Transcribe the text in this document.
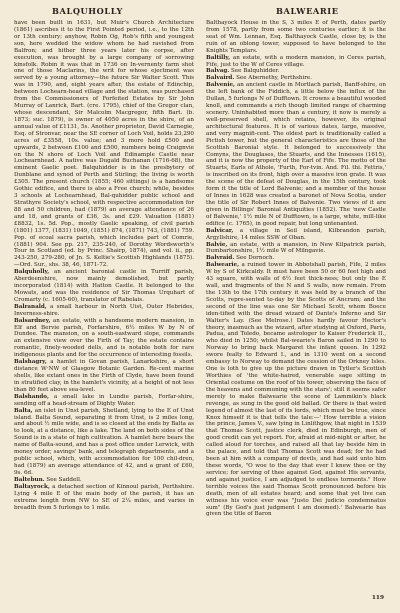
BALQUHOLLY	BALWEARIE

have been built in 1631, but Muir's Church Architecture (1861) ascribes it to the First Pointed period, i.e., to the 12th or 13th century; anyhow, Robin Og, Rob's fifth and youngest son, here wedded the widow whom he had ravished from Balfron; and hither three years later his corpse, after execution, was brought by a large company of sorrowing kinsfolk. Robin it was that in 1736 on In-vernenty farm shot one of those Maclarins, the writ for whose ejectment was served by a young attorney—the future Sir Walter Scott. This was in 1790, and, eight years after, the estate of Edinchip, between Lochearn-head village and the station, was purchased from the Commissioners of Forfeited Estates by Sir John Murray of Lanrick, Bart. (cre. 1795), chief of the Gregor clan, whose descendant, Sir Malcolm Macgregor, fifth Bart. (b. 1873; suc. 1879), is owner of 4050 acres in the shire, of an annual value of £1131, 5s. Another proprietor, David Carnegie, Esq. of Stronvar, near the SE corner of Loch Voil, holds 23,290 acres of £3558, 10s. value; and 3 more hold £500 and upwards, 2 between £100 and £500, numbers being Craignvie on the N shore of Loch Voil and Edinample Castle near Lochearnhead. A native was Dugald Buchanan (1716-68), the eminent Gaelic poet. Balquhidder is in the presbytery of Dunblane and synod of Perth and Stirling; the living is worth £305. The present church (1855; 460 sittings) is a handsome Gothic edifice, and there is also a Free church; while, besides 3 schools at Lochearnhead, Bal-quhidder public school and Strathyre Society's school, with respective accommodation for 88 and 50 children, had (1879) an average attendance of 26 and 18, and grants of £36, 3s. and £29. Valuation (1881) £8832, 1s. 5d. Pop., mostly Gaelic speaking, of civil parish (1801) 1377, (1831) 1049, (1851) 874, (1871) 743, (1881) 759. Pop. of ecoal sacra parish, which includes part of Comrie, (1881) 904. See pp. 217, 235-240, of Dorothy Wordsworth's Tour in Scotland (ed. by Princ. Shairp, 1874), and vol. ii., pp. 243-250, 279-280, of Jn. S. Keltie's Scottish Highlands (1875).—Ord. Sur., shs. 38, 46, 1871-72.

Balquholly, an ancient baronial castle in Turriff parish, Aberdeenshire, now mainly demolished, but partly incorporated (1814) with Hatton Castle. It belonged to the Mowats, and was the residence of Sir Thomas Urquhart of Cromarty (c. 1605-60), translator of Rabelais.

Balranald, a small harbour in North Uist, Outer Hebrides, Inverness-shire.

Balsardney, an estate, with a handsome modern mansion, in Elf and Bervie parish, Forfarshire, 6½ miles W by N of Dundee. The mansion, on a south-eastward slope, commands an extensive view over the Firth of Tay; the estate contains romantic, finely-wooded dells, and is notable both for rare indigenous plants and for the occurrence of interesting fossils.

Balshagry, a hamlet in Govan parish, Lanarkshire, a short distance W·NW of Glasgow Botanic Garden. Re-cent marine shells, like extant ones in the Firth of Clyde, have been found in stratified clay, in the hamlet's vicinity, at a height of not less than 80 feet above sea-level.

Balshando, a small lake in Lundie parish, Forfar-shire, sending off a head-stream of Dighty Water.

Balta, an islet in Unst parish, Shetland, lying to the E of Unst island. Balta Sound, separating it from Unst, is 2 miles long, and about ½ mile wide, and is so closed at the ends by Balta as to look, at a distance, like a lake. The land on both sides of the Sound is in a state of high cultivation. A hamlet here bears the name of Balta-sound, and has a post office under Lerwick, with money order, savings' bank, and telegraph departments, and a public school, which, with accommodation for 100 chil-dren, had (1879) an average attendance of 42, and a grant of £60, 9s. 6d.

Baltebun. See Saddell.

Baltayrock, a detached section of Kinnoul parish, Perthshire. Lying 4 mile E of the main body of the parish, it has an extreme length from NW to SE of 2¼ miles, and varies in breadth from 5 furlongs to 1 mile.

Balthayock House in the S, 3 miles E of Perth, dates partly from 1578, partly from some two centuries earlier; it is the seat of Wm. Lennan, Esq. Balthayock Castle, close by, is the ruin of an oblong tower, supposed to have belonged to the Knights Templars.

Baltilly, an estate, with a modern mansion, in Ceres parish, Fife, just to the W of Ceres village.

Balvag. See Balquhidder.

Balvaird. See Abernethy, Perthshire.

Balvenie, an ancient castle in Mortlach parish, Banff-shire, on the left bank of the Fiddich, a little below the influx of the Dullan, 5 furlongs N of Dufftown. It crowns a beautiful wooded knoll, and commands a rich though limited range of charming scenery. Uninhabited more than a century, it now is merely a well-preserved shell, which retains, however, its original architectural features. It is of various dates, large, massive, and very magnifi-cent. The oldest part is traditionally called a Pictish tower, but the general characteristics are those of the Scottish Baronial style. It belonged to successively the Comyns, the Douglases, the Stuarts, and the Innesses (1615), and it is now the property of the Earl of Fife. The motto of the Stuarts, Earls of Athole, 'Furth, For-tvin. And. Fil. thi. Fettris,' is inscribed on its front, high over a massive iron grate. It was the scene of the defeat of Douglas, in the 15th century, took form it the title of Lord Balvenie; and a member of the house of Innes in 1628 was created a baronet of Nova Scotia, under the title of Sir Robert Innes of Balvenie. Two views of it are given in Billings' Baronial Antiquities (1852). The 'new Castle of Balvenie,' 1½ mile N of Dufftown, is a large, white, mill-like edifice (c. 1765), in good repair, but long untenanted.

Balvicar, a village in Seil island, Kilbrandon parish, Argyllshire, 14 miles SSW of Oban.

Balvie, an estate, with a mansion, in New Kilpatrick parish, Dumbartonshire, 1½ mile W of Milngavie.

Balvraid. See Dornoch.

Balwearie, a ruined tower in Abbotshall parish, Fife, 2 miles W by S of Kirkcaldy. It must have been 50 or 60 feet high and 43 square, with walls of 6½ feet thick-ness; but only the E wall, and fragments of the N and S walls, now remain. From the 13th to the 17th century it was held by a branch of the Scotts, repre-sented to-day by the Scotts of Ancrum; and the second of the line was one Sir Michael Scott, whom Boece iden-tified with the dread wizard of Dante's Inferno and Sir Walter's Lay. (See Melrose.) Dates hardly favour Hector's theory, inasmuch as the wizard, after studying at Oxford, Paris, Padua, and Toledo, became astrologer to Kaiser Frederick II., who died in 1250; whilst Bal-wearie's Baron sailed in 1290 to Norway to bring back Margaret the infant queen. In 1292 swore fealty to Edward I., and in 1310 went on a second embassy to Norway to demand the cession of the Orkney Isles. One is loth to give up the picture drawn in Tytler's Scottish Worthies of 'the white-haired, venerable sage sitting in Oriental costume on the roof of his tower, observing the face of the heavens and communing with the stars'; still it seems safer merely to make Balwearie the scene of Lammikin's black revenge, as sung in the good old ballad. Or there is that weird legend of almost the last of its lords, which must be true, since Knox himself it is that tells the tale:—' How terrible a vision the prince, James V., saw lying in Linlithgow, that night in 1539 that Thomas Scott, justice clerk, died in Edinburgh, men of good credit can yet report. For, afraid at mid-night or after, he called aloud for torches, and raised all that lay beside him in the palace, and told that Thomas Scott was dead; for he had been at him with a company of devils, and had said unto him these words, "O woe to the day that ever I knew thee or thy service; for serving of thee against God, against His servants, and against justice, I am adjudged to endless torments." How terrible voices the said Thomas Scott pronounced before his death, men of all estates heard; and some that yet live can witness his voice ever was "Justo Dei judicio condemnatus sum" (By God's just judgment I am doomed).' Balwearie has given the title of Baron

119
